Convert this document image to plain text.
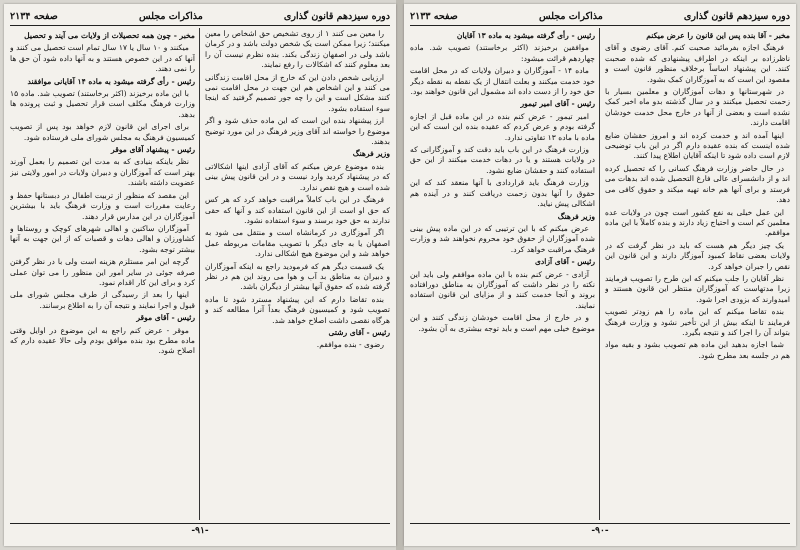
دوره سیزدهم قانون گذاری
مذاکرات مجلس
صفحه ۲۱۳۴

را معین می کنند ۱ از روی تشخیص حق اشخاص را معین میکنند؛ زیرا ممکن است یک شخص دولت باشد و در کرمان باشد ولی در اصفهان زندگی بکند. بنده نظرم نیست آن را بعد معلوم کنند که اشکالات را رفع نمایند.

ارزیابی شخص دادن این که خارج از محل اقامت زندگانی می کنند و این اشخاص هم این جهت در محل اقامت نمی کنند مشکل است و این را چه جور تصمیم گرفتید که اینجا سوء استفاده بشود.

ارز پیشنهاد بنده این است که این ماده حذف شود و اگر موضوع را خواسته اند آقای وزیر فرهنگ در این مورد توضیح بدهند.

وزیر فرهنگ

بنده موضوع عرض میکنم که آقای آزادی اینها اشکالاتی که در پیشنهاد کردید وارد نیست و در این قانون پیش بینی شده است و هیچ نقص ندارد.

فرهنگ در این باب کاملاً مراقبت خواهد کرد که هر کس که حق او است از این قانون استفاده کند و آنها که حقی ندارند به حق خود برسند و سوء استفاده نشود.

اگر آموزگاری در کرمانشاه است و منتقل می شود به اصفهان یا به جای دیگر با تصویب مقامات مربوطه عمل خواهد شد و این موضوع هیچ اشکالی ندارد.

یک قسمت دیگر هم که فرمودید راجع به اینکه آموزگاران و دبیران به مناطق بد آب و هوا می روند این هم در نظر گرفته شده که حقوق آنها بیشتر از دیگران باشد.

بنده تقاضا دارم که این پیشنهاد مسترد شود تا ماده تصویب شود و کمیسیون فرهنگ بعداً آنرا مطالعه کند و هرگاه نقصی داشت اصلاح خواهد شد.

رئیس - آقای رشتی

رضوی - بنده موافقم.

مخبر - چون همه تحصیلات از ولایات می آیند و تحصیل

میکنند و ۱۰ سال یا ۱۷ سال تمام است تحصیل می کنند و آنها که در این خصوص هستند و به آنها داده شود آن حق ها را نمی دهند.

رئیس - رأی گرفته میشود به ماده ۱۴ آقایانی موافقند

با این ماده برخیزند (اکثر برخاستند) تصویب شد. ماده ۱۵ وزارت فرهنگ مکلف است قرار تحصیل و ثبت پرونده ها بدهد.

برای اجرای این قانون لازم خواهد بود پس از تصویب کمیسیون فرهنگ به مجلس شورای ملی فرستاده شود.

رئیس - پیشنهاد آقای موقر

نظر باینکه بنیادی که به مدت این تصمیم را بعمل آورند بهتر است که آموزگاران و دبیران ولایات در امور ولایتی نیز عضویت داشته باشند.

این مقصد که منظور از تربیت اطفال در دبستانها حفظ و رعایت مقررات است و وزارت فرهنگ باید با بیشترین آموزگاران در این مدارس قرار دهند.

آموزگاران ساکنین و اهالی شهرهای کوچک و روستاها و کشاورزان و اهالی دهات و قصبات که از این جهت به آنها بیشتر توجه بشود.

گرچه این امر مستلزم هزینه است ولی با در نظر گرفتن صرفه جوئی در سایر امور این منظور را می توان عملی کرد و برای این کار اقدام نمود.

اینها را بعد از رسیدگی از طرف مجلس شورای ملی قبول و اجرا نمایند و نتیجه آن را به اطلاع برسانند.

رئیس - آقای موقر

موقر - عرض کنم راجع به این موضوع در اوایل وقتی ماده مطرح بود بنده موافق بودم ولی حالا عقیده دارم که اصلاح شود.

-۹۱-
دوره سیزدهم قانون گذاری
مذاکرات مجلس
صفحه ۲۱۳۳

مخبر - آقا بنده پس این قانون را عرض میکنم

فرهنگ اجازه بفرمائید صحبت کنم. آقای رضوی و آقای ناظرزاده بر اینکه در اطراف پیشنهادی که شده صحبت کنند. این پیشنهاد اساساً برخلاف منظور قانون است و مقصود این است که به آموزگاران کمک بشود.

در شهرستانها و دهات آموزگاران و معلمین بسیار با زحمت تحصیل میکنند و در سال گذشته بدو ماه اخیر کمک نشده است و بعضی از آنها در خارج محل خدمت خودشان اقامت دارند.

اینها آمده اند و خدمت کرده اند و امروز حقشان ضایع شده اینست که بنده عقیده دارم اگر در این باب توضیحی لازم است داده شود تا اینکه آقایان اطلاع پیدا کنند.

در حال حاضر وزارت فرهنگ کسانی را که تحصیل کرده اند و از دانشسرای عالی فارغ التحصیل شده اند بدهات می فرستد و برای آنها هم خانه تهیه میکند و حقوق کافی می دهد.

این عمل خیلی به نفع کشور است چون در ولایات عده معلمین کم است و احتیاج زیاد دارند و بنده کاملاً با این ماده موافقم.

یک چیز دیگر هم هست که باید در نظر گرفت که در ولایات بعضی نقاط کمبود آموزگار دارند و این قانون این نقص را جبران خواهد کرد.

نظر آقایان را جلب میکنم که این طرح را تصویب فرمایند زیرا مدتهاست که آموزگاران منتظر این قانون هستند و امیدوارند که بزودی اجرا شود.

بنده تقاضا میکنم که این ماده را هم زودتر تصویب فرمایند تا اینکه بیش از این تأخیر نشود و وزارت فرهنگ بتواند آن را اجرا کند و نتیجه بگیرد.

شما اجازه بدهید این ماده هم تصویب بشود و بقیه مواد هم در جلسه بعد مطرح شود.

رئیس - رأی گرفته میشود به ماده ۱۳ آقایان

موافقین برخیزند (اکثر برخاستند) تصویب شد. ماده چهاردهم قرائت میشود:

ماده ۱۴ - آموزگاران و دبیران ولایات که در محل اقامت خود خدمت میکنند و بعلت انتقال از یک نقطه به نقطه دیگر حق خود را از دست داده اند مشمول این قانون خواهند بود.

رئیس - آقای امیر تیمور

امیر تیمور - عرض کنم بنده در این ماده قبل از اجازه گرفته بودم و عرض کردم که عقیده بنده این است که این ماده با ماده ۱۳ تفاوتی ندارد.

وزارت فرهنگ در این باب باید دقت کند و آموزگارانی که در ولایات هستند و یا در دهات خدمت میکنند از این حق استفاده کنند و حقشان ضایع نشود.

وزارت فرهنگ باید قراردادی با آنها منعقد کند که این حقوق را آنها بدون زحمت دریافت کنند و در آینده هم اشکالی پیش نیاید.

وزیر فرهنگ

عرض میکنم که با این ترتیبی که در این ماده پیش بینی شده آموزگاران از حقوق خود محروم نخواهند شد و وزارت فرهنگ مراقبت خواهد کرد.

رئیس - آقای آزادی

آزادی - عرض کنم بنده با این ماده موافقم ولی باید این نکته را در نظر داشت که آموزگاران به مناطق دورافتاده بروند و آنجا خدمت کنند و از مزایای این قانون استفاده نمایند.

و در خارج از محل اقامت خودشان زندگی کنند و این موضوع خیلی مهم است و باید توجه بیشتری به آن بشود.

-۹۰-
